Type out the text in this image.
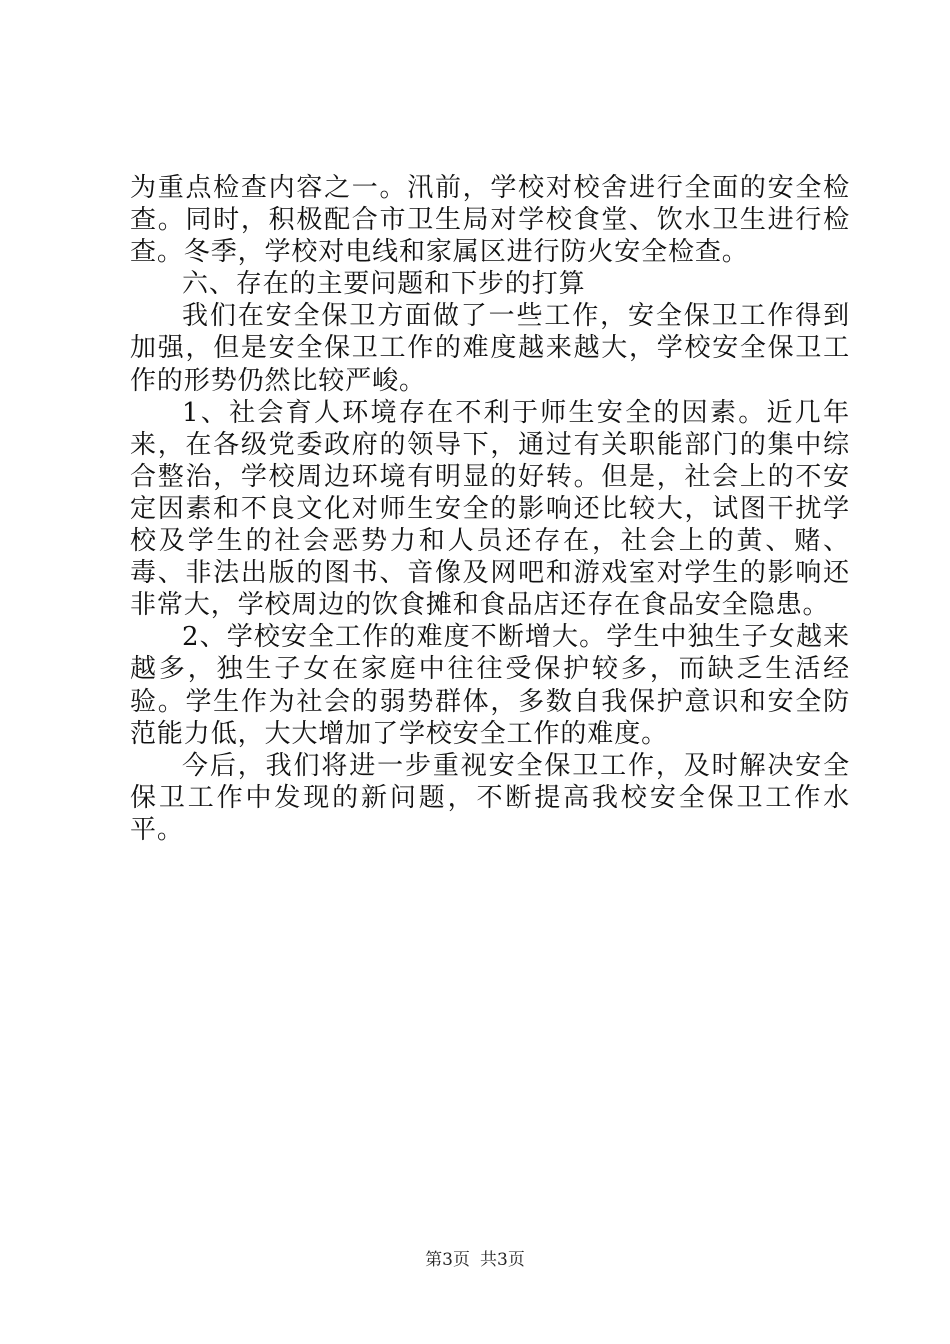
为重点检查内容之一。汛前，学校对校舍进行全面的安全检查。同时，积极配合市卫生局对学校食堂、饮水卫生进行检查。冬季，学校对电线和家属区进行防火安全检查。

六、存在的主要问题和下步的打算

我们在安全保卫方面做了一些工作，安全保卫工作得到加强，但是安全保卫工作的难度越来越大，学校安全保卫工作的形势仍然比较严峻。

1、社会育人环境存在不利于师生安全的因素。近几年来，在各级党委政府的领导下，通过有关职能部门的集中综合整治，学校周边环境有明显的好转。但是，社会上的不安定因素和不良文化对师生安全的影响还比较大，试图干扰学校及学生的社会恶势力和人员还存在，社会上的黄、赌、毒、非法出版的图书、音像及网吧和游戏室对学生的影响还非常大，学校周边的饮食摊和食品店还存在食品安全隐患。

2、学校安全工作的难度不断增大。学生中独生子女越来越多，独生子女在家庭中往往受保护较多，而缺乏生活经验。学生作为社会的弱势群体，多数自我保护意识和安全防范能力低，大大增加了学校安全工作的难度。

今后，我们将进一步重视安全保卫工作，及时解决安全保卫工作中发现的新问题，不断提高我校安全保卫工作水平。

第3页 共3页
